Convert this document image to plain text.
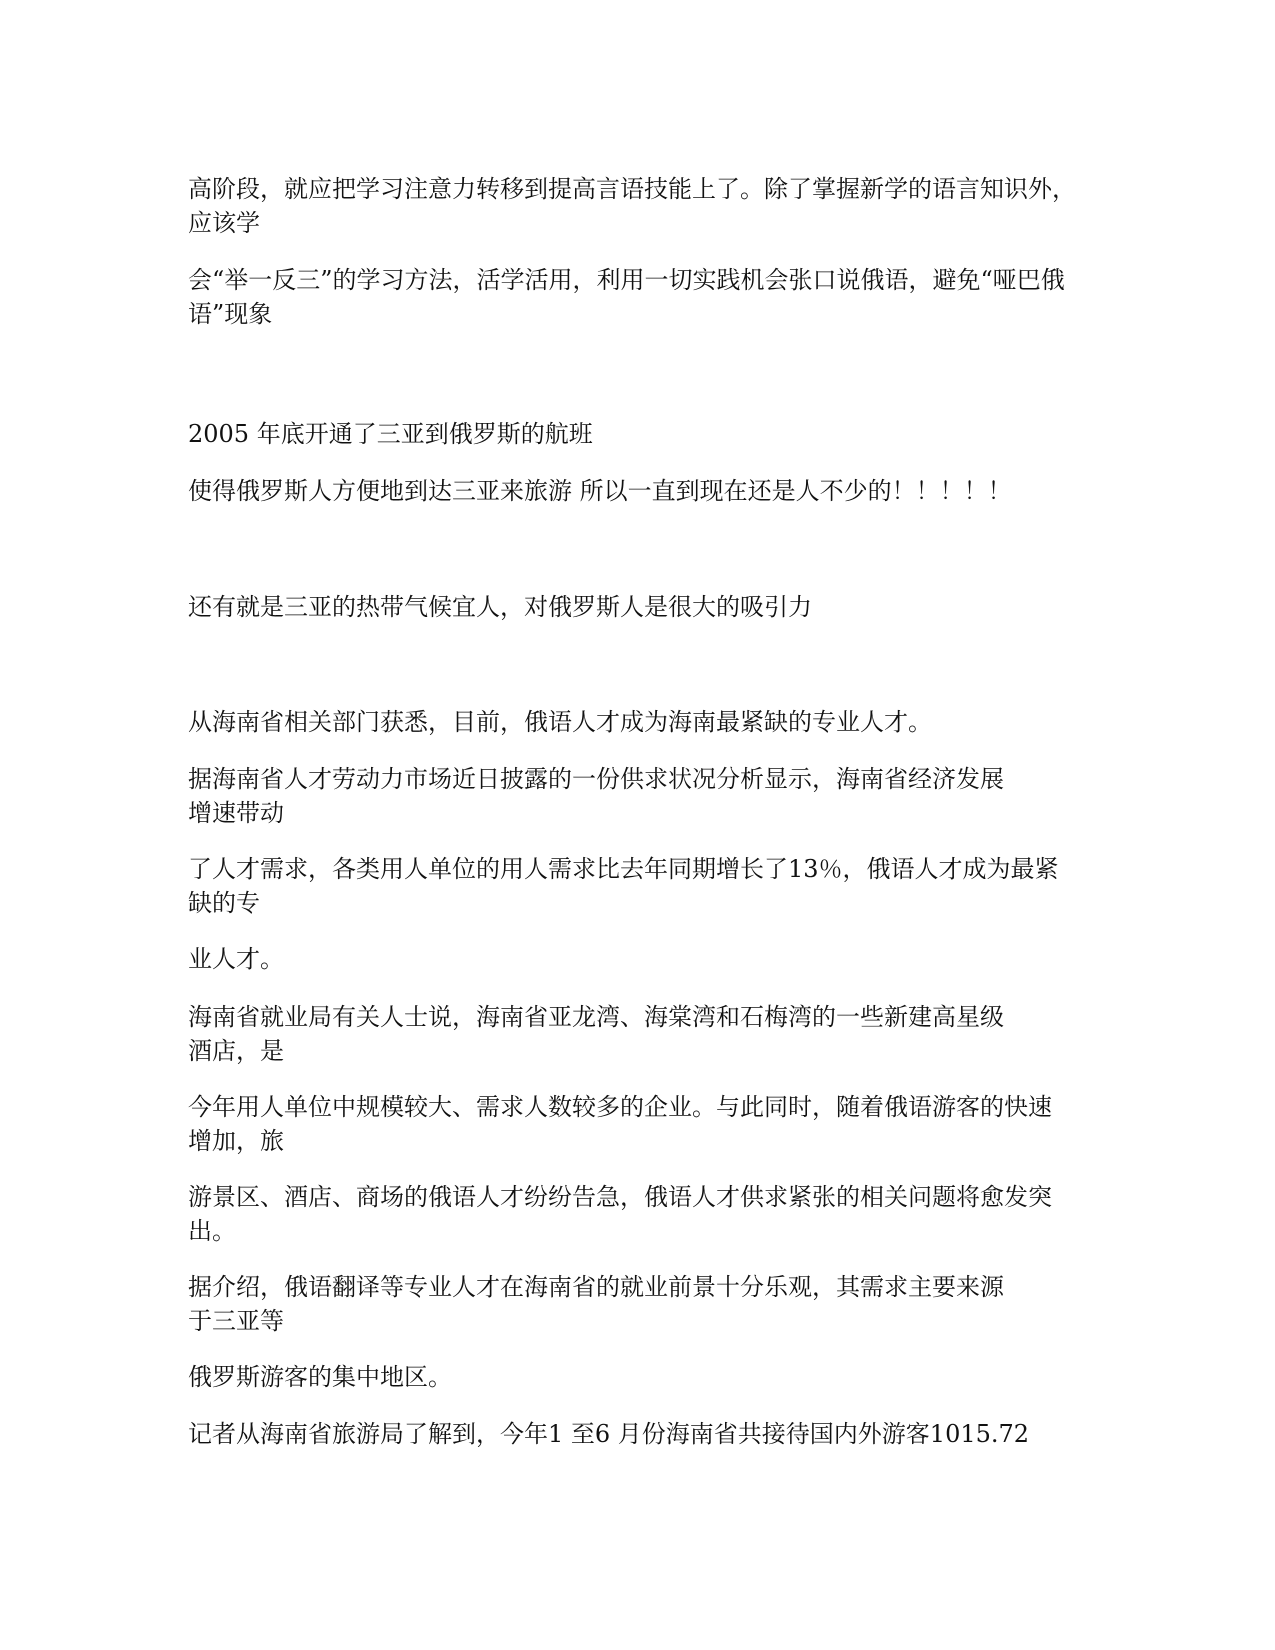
高阶段，就应把学习注意力转移到提高言语技能上了。除了掌握新学的语言知识外，
应该学

会“举一反三”的学习方法，活学活用，利用一切实践机会张口说俄语，避免“哑巴俄
语”现象

2005 年底开通了三亚到俄罗斯的航班

使得俄罗斯人方便地到达三亚来旅游 所以一直到现在还是人不少的！！！！！

还有就是三亚的热带气候宜人，对俄罗斯人是很大的吸引力

从海南省相关部门获悉，目前，俄语人才成为海南最紧缺的专业人才。

据海南省人才劳动力市场近日披露的一份供求状况分析显示，海南省经济发展
增速带动

了人才需求，各类用人单位的用人需求比去年同期增长了13％，俄语人才成为最紧
缺的专

业人才。

海南省就业局有关人士说，海南省亚龙湾、海棠湾和石梅湾的一些新建高星级
酒店，是

今年用人单位中规模较大、需求人数较多的企业。与此同时，随着俄语游客的快速
增加，旅

游景区、酒店、商场的俄语人才纷纷告急，俄语人才供求紧张的相关问题将愈发突
出。

据介绍，俄语翻译等专业人才在海南省的就业前景十分乐观，其需求主要来源
于三亚等

俄罗斯游客的集中地区。

记者从海南省旅游局了解到，今年1 至6 月份海南省共接待国内外游客1015.72
